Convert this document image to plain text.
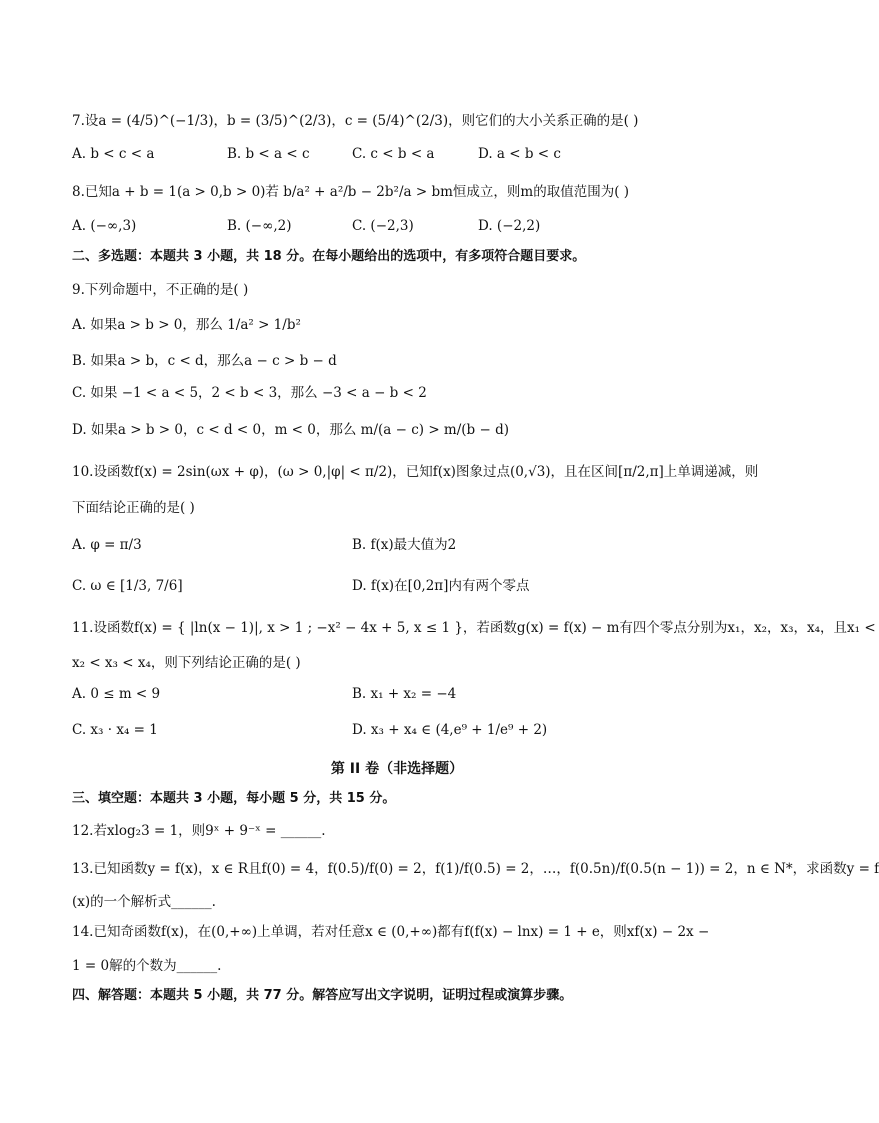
7.设a = (4/5)^(−1/3)，b = (3/5)^(2/3)，c = (5/4)^(2/3)，则它们的大小关系正确的是( )
A. b < c < a	B. b < a < c	C. c < b < a	D. a < b < c
8.已知a + b = 1(a > 0,b > 0)若 b/a² + a²/b − 2b²/a > bm恒成立，则m的取值范围为( )
A. (−∞,3)	B. (−∞,2)	C. (−2,3)	D. (−2,2)
二、多选题：本题共 3 小题，共 18 分。在每小题给出的选项中，有多项符合题目要求。
9.下列命题中，不正确的是( )
A. 如果a > b > 0，那么 1/a² > 1/b²
B. 如果a > b，c < d，那么a − c > b − d
C. 如果 −1 < a < 5，2 < b < 3，那么 −3 < a − b < 2
D. 如果a > b > 0，c < d < 0，m < 0，那么 m/(a − c) > m/(b − d)
10.设函数f(x) = 2sin(ωx + φ)，(ω > 0,|φ| < π/2)，已知f(x)图象过点(0,√3)，且在区间[π/2,π]上单调递减，则
下面结论正确的是( )
A. φ = π/3	B. f(x)最大值为2
C. ω ∈ [1/3, 7/6]	D. f(x)在[0,2π]内有两个零点
11.设函数f(x) = { |ln(x − 1)|, x > 1 ; −x² − 4x + 5, x ≤ 1 }，若函数g(x) = f(x) − m有四个零点分别为x₁，x₂，x₃，x₄，且x₁ <
x₂ < x₃ < x₄，则下列结论正确的是( )
A. 0 ≤ m < 9	B. x₁ + x₂ = −4
C. x₃ · x₄ = 1	D. x₃ + x₄ ∈ (4,e⁹ + 1/e⁹ + 2)
第 II 卷（非选择题）
三、填空题：本题共 3 小题，每小题 5 分，共 15 分。
12.若xlog₂3 = 1，则9ˣ + 9⁻ˣ = ______.
13.已知函数y = f(x)，x ∈ R且f(0) = 4，f(0.5)/f(0) = 2，f(1)/f(0.5) = 2，…，f(0.5n)/f(0.5(n − 1)) = 2，n ∈ N*，求函数y = f
(x)的一个解析式______.
14.已知奇函数f(x)，在(0,+∞)上单调，若对任意x ∈ (0,+∞)都有f(f(x) − lnx) = 1 + e，则xf(x) − 2x −
1 = 0解的个数为______.
四、解答题：本题共 5 小题，共 77 分。解答应写出文字说明，证明过程或演算步骤。
